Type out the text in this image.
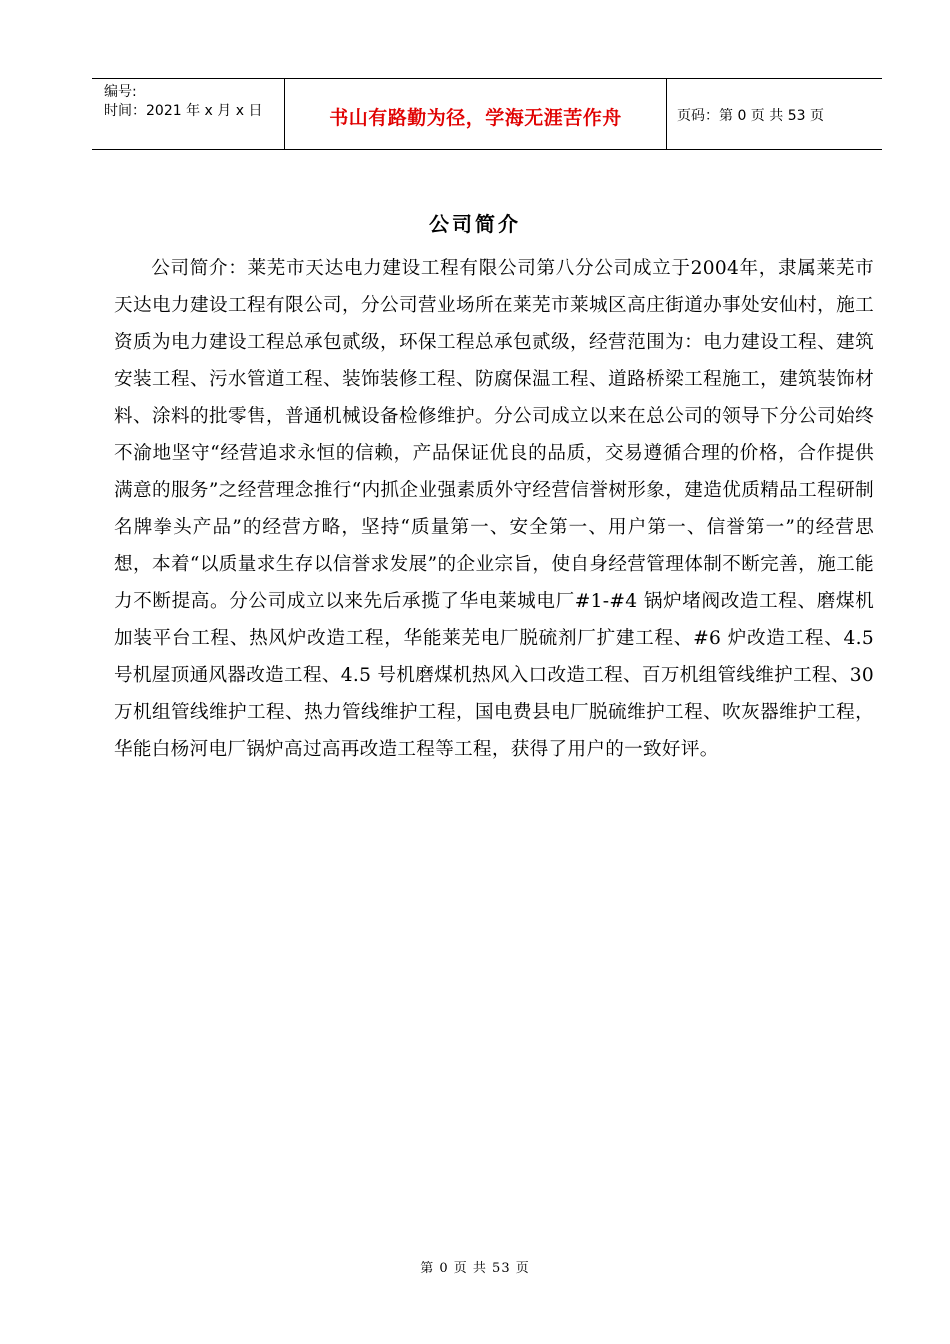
编号:
时间：2021 年 x 月 x 日	书山有路勤为径，学海无涯苦作舟	页码：第 0 页 共 53 页
公司简介
公司简介：莱芜市天达电力建设工程有限公司第八分公司成立于2004年，隶属莱芜市天达电力建设工程有限公司，分公司营业场所在莱芜市莱城区高庄街道办事处安仙村，施工资质为电力建设工程总承包贰级，环保工程总承包贰级，经营范围为：电力建设工程、建筑安装工程、污水管道工程、装饰装修工程、防腐保温工程、道路桥梁工程施工，建筑装饰材料、涂料的批零售，普通机械设备检修维护。分公司成立以来在总公司的领导下分公司始终不渝地坚守“经营追求永恒的信赖，产品保证优良的品质，交易遵循合理的价格，合作提供满意的服务”之经营理念推行“内抓企业强素质外守经营信誉树形象，建造优质精品工程研制名牌拳头产品”的经营方略，坚持“质量第一、安全第一、用户第一、信誉第一”的经营思想，本着“以质量求生存以信誉求发展”的企业宗旨，使自身经营管理体制不断完善，施工能力不断提高。分公司成立以来先后承揽了华电莱城电厂#1-#4 锅炉堵阀改造工程、磨煤机加装平台工程、热风炉改造工程，华能莱芜电厂脱硫剂厂扩建工程、#6 炉改造工程、4.5 号机屋顶通风器改造工程、4.5 号机磨煤机热风入口改造工程、百万机组管线维护工程、30 万机组管线维护工程、热力管线维护工程，国电费县电厂脱硫维护工程、吹灰器维护工程，华能白杨河电厂锅炉高过高再改造工程等工程，获得了用户的一致好评。
第 0 页 共 53 页
